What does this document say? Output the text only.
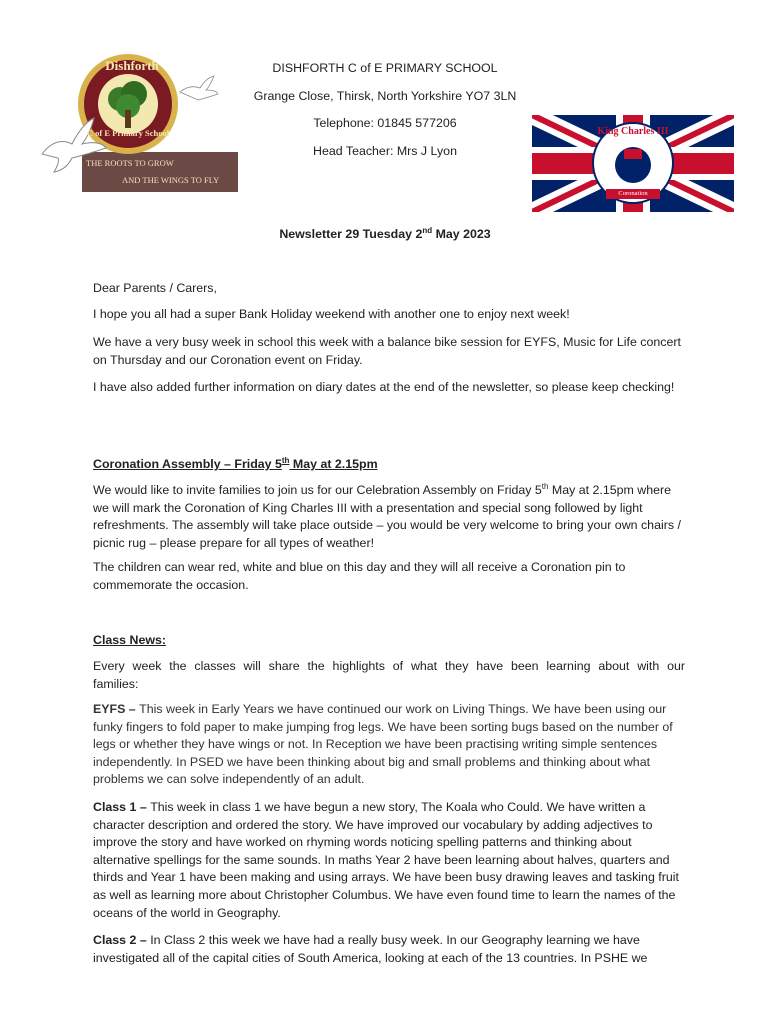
Dishforth
C of E Primary School
THE ROOTS TO GROW
AND THE WINGS TO FLY
DISHFORTH C of E PRIMARY SCHOOL
Grange Close, Thirsk, North Yorkshire YO7 3LN
Telephone: 01845 577206
Head Teacher: Mrs J Lyon
King Charles III
Coronation
Newsletter 29 Tuesday 2nd May 2023

Dear Parents / Carers,

I hope you all had a super Bank Holiday weekend with another one to enjoy next week!

We have a very busy week in school this week with a balance bike session for EYFS, Music for Life concert on Thursday and our Coronation event on Friday.

I have also added further information on diary dates at the end of the newsletter, so please keep checking!

Coronation Assembly – Friday 5th May at 2.15pm

We would like to invite families to join us for our Celebration Assembly on Friday 5th May at 2.15pm where we will mark the Coronation of King Charles III with a presentation and special song followed by light refreshments. The assembly will take place outside – you would be very welcome to bring your own chairs / picnic rug – please prepare for all types of weather!

The children can wear red, white and blue on this day and they will all receive a Coronation pin to commemorate the occasion.

Class News:

Every week the classes will share the highlights of what they have been learning about with our families:

EYFS – This week in Early Years we have continued our work on Living Things. We have been using our funky fingers to fold paper to make jumping frog legs. We have been sorting bugs based on the number of legs or whether they have wings or not. In Reception we have been practising writing simple sentences independently. In PSED we have been thinking about big and small problems and thinking about what problems we can solve independently of an adult.

Class 1 – This week in class 1 we have begun a new story, The Koala who Could. We have written a character description and ordered the story. We have improved our vocabulary by adding adjectives to improve the story and have worked on rhyming words noticing spelling patterns and thinking about alternative spellings for the same sounds. In maths Year 2 have been learning about halves, quarters and thirds and Year 1 have been making and using arrays. We have been busy drawing leaves and tasking fruit as well as learning more about Christopher Columbus. We have even found time to learn the names of the oceans of the world in Geography.

Class 2 – In Class 2 this week we have had a really busy week. In our Geography learning we have investigated all of the capital cities of South America, looking at each of the 13 countries. In PSHE we
